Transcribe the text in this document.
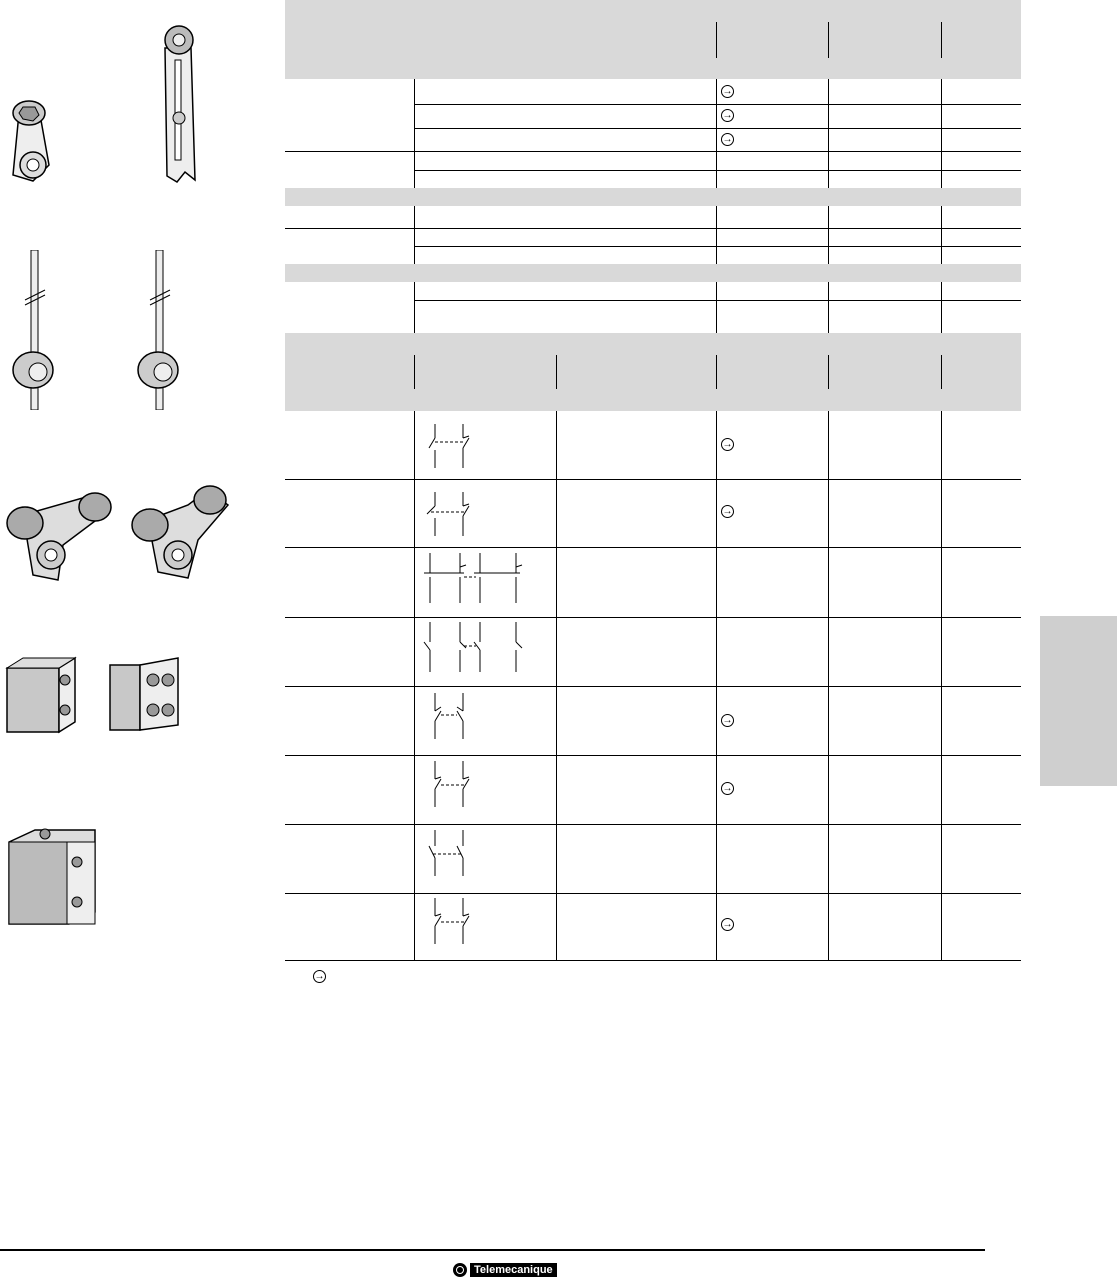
→
→
→
→
→
→
→
→
→
Telemecanique
